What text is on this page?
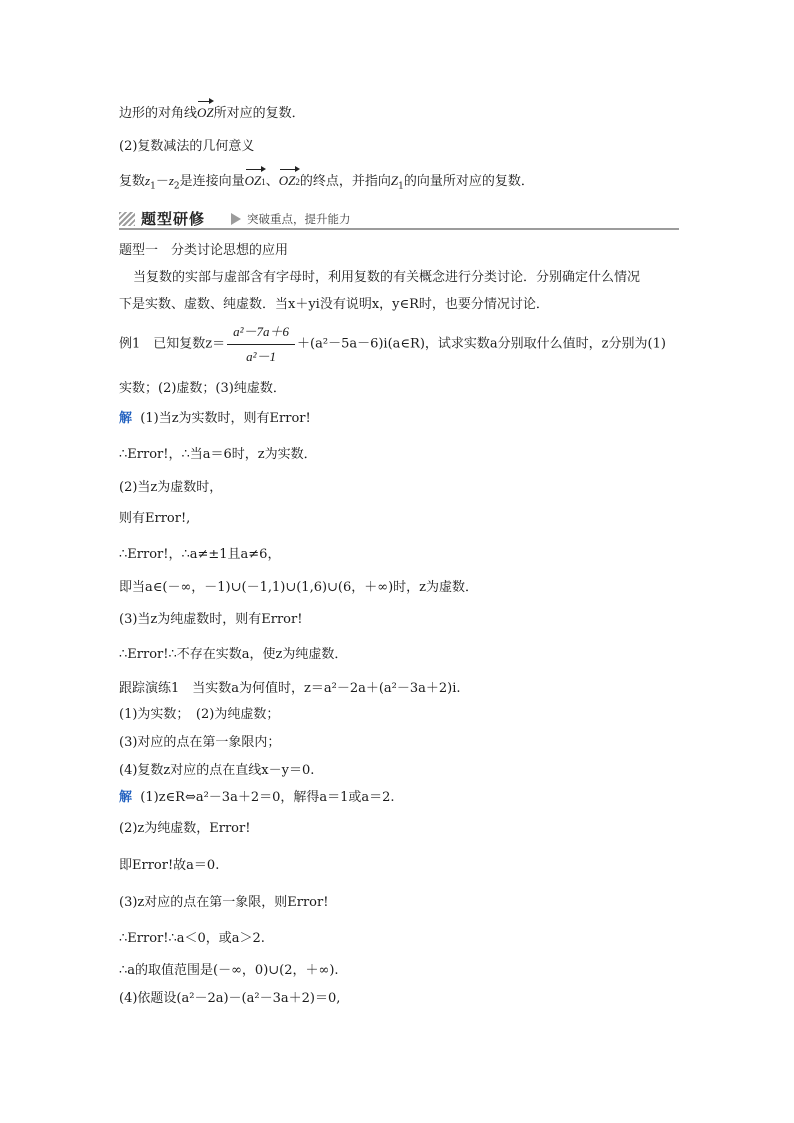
边形的对角线OZ所对应的复数．
(2)复数减法的几何意义
复数$z_1-z_2$是连接向量OZ1、OZ2的终点，并指向$Z_1$的向量所对应的复数．
题型研修	突破重点，提升能力
题型一　分类讨论思想的应用
当复数的实部与虚部含有字母时，利用复数的有关概念进行分类讨论．分别确定什么情况
下是实数、虚数、纯虚数．当x＋yi没有说明x，y∈R时，也要分情况讨论．
例1　已知复数$z= \frac{\text{a²－7a＋6}}{\text{a²－1}}$ ＋(a²－5a－6)i(a∈R)，试求实数a分别取什么值时，z分别为(1)
实数；(2)虚数；(3)纯虚数．
解 (1)当z为实数时，则有Error!
∴Error!，∴当a＝6时，z为实数．
(2)当z为虚数时，
则有Error!,
∴Error!，∴a≠±1且a≠6，
即当a∈(－∞，－1)∪(－1,1)∪(1,6)∪(6，＋∞)时，z为虚数．
(3)当z为纯虚数时，则有Error!
∴Error!∴不存在实数a，使z为纯虚数．
跟踪演练1　当实数a为何值时，z＝a²－2a＋(a²－3a＋2)i.
(1)为实数；　(2)为纯虚数；
(3)对应的点在第一象限内；
(4)复数z对应的点在直线x－y＝0.
解 (1)z∈R⇔a²－3a＋2＝0，解得a＝1或a＝2.
(2)z为纯虚数，Error!
即Error!故a＝0.
(3)z对应的点在第一象限，则Error!
∴Error!∴a＜0，或a＞2.
∴a的取值范围是(－∞，0)∪(2，＋∞).
(4)依题设(a²－2a)－(a²－3a＋2)＝0,
